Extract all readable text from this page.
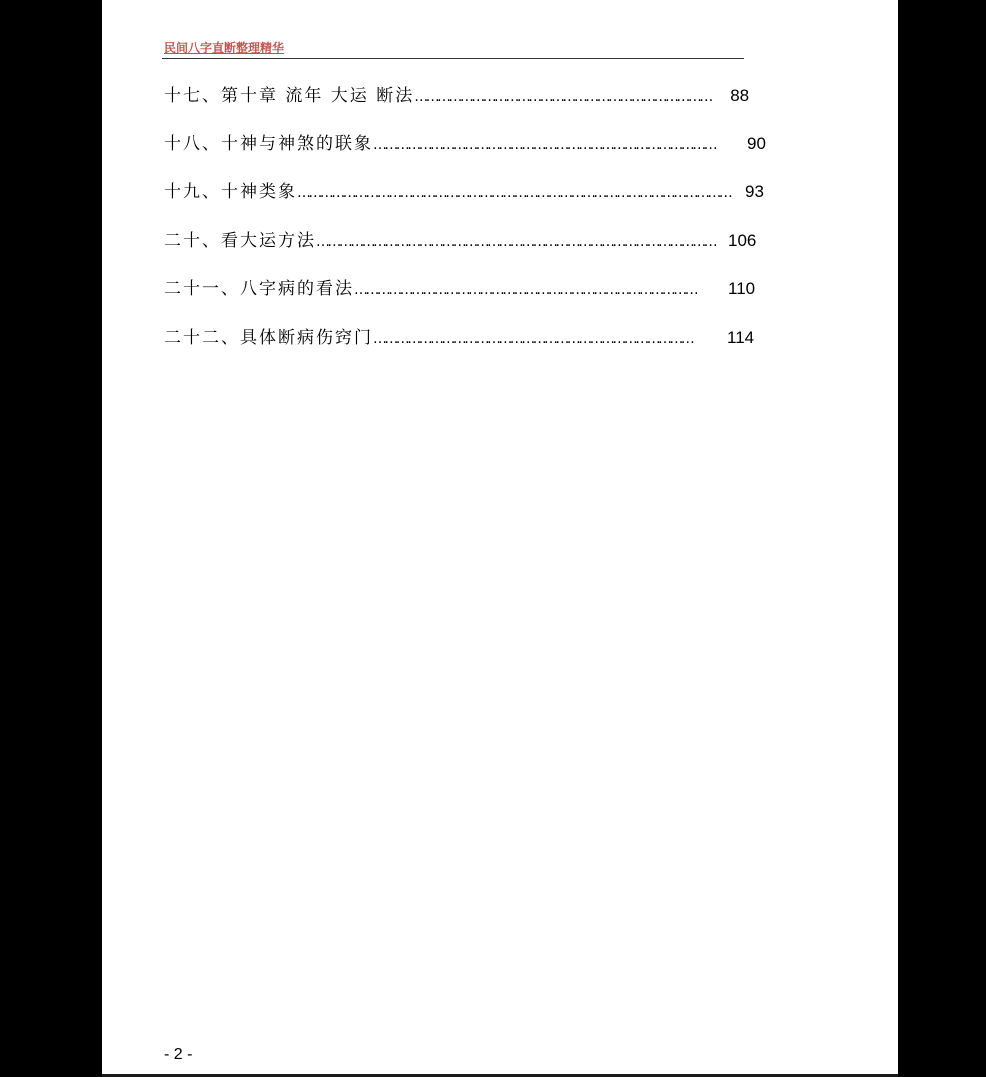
民间八字直断整理精华
十七、第十章 流年 大运 断法…………………………………………………………………… 88
十八、十神与神煞的联象……………………………………………………………………………… 90
十九、十神类象…………………………………………………………………………………………………… 93
二十、看大运方法…………………………………………………………………………………………… 106
二十一、八字病的看法……………………………………………………………………………… 110
二十二、具体断病伤窍门………………………………………………………………………… 114
- 2 -
